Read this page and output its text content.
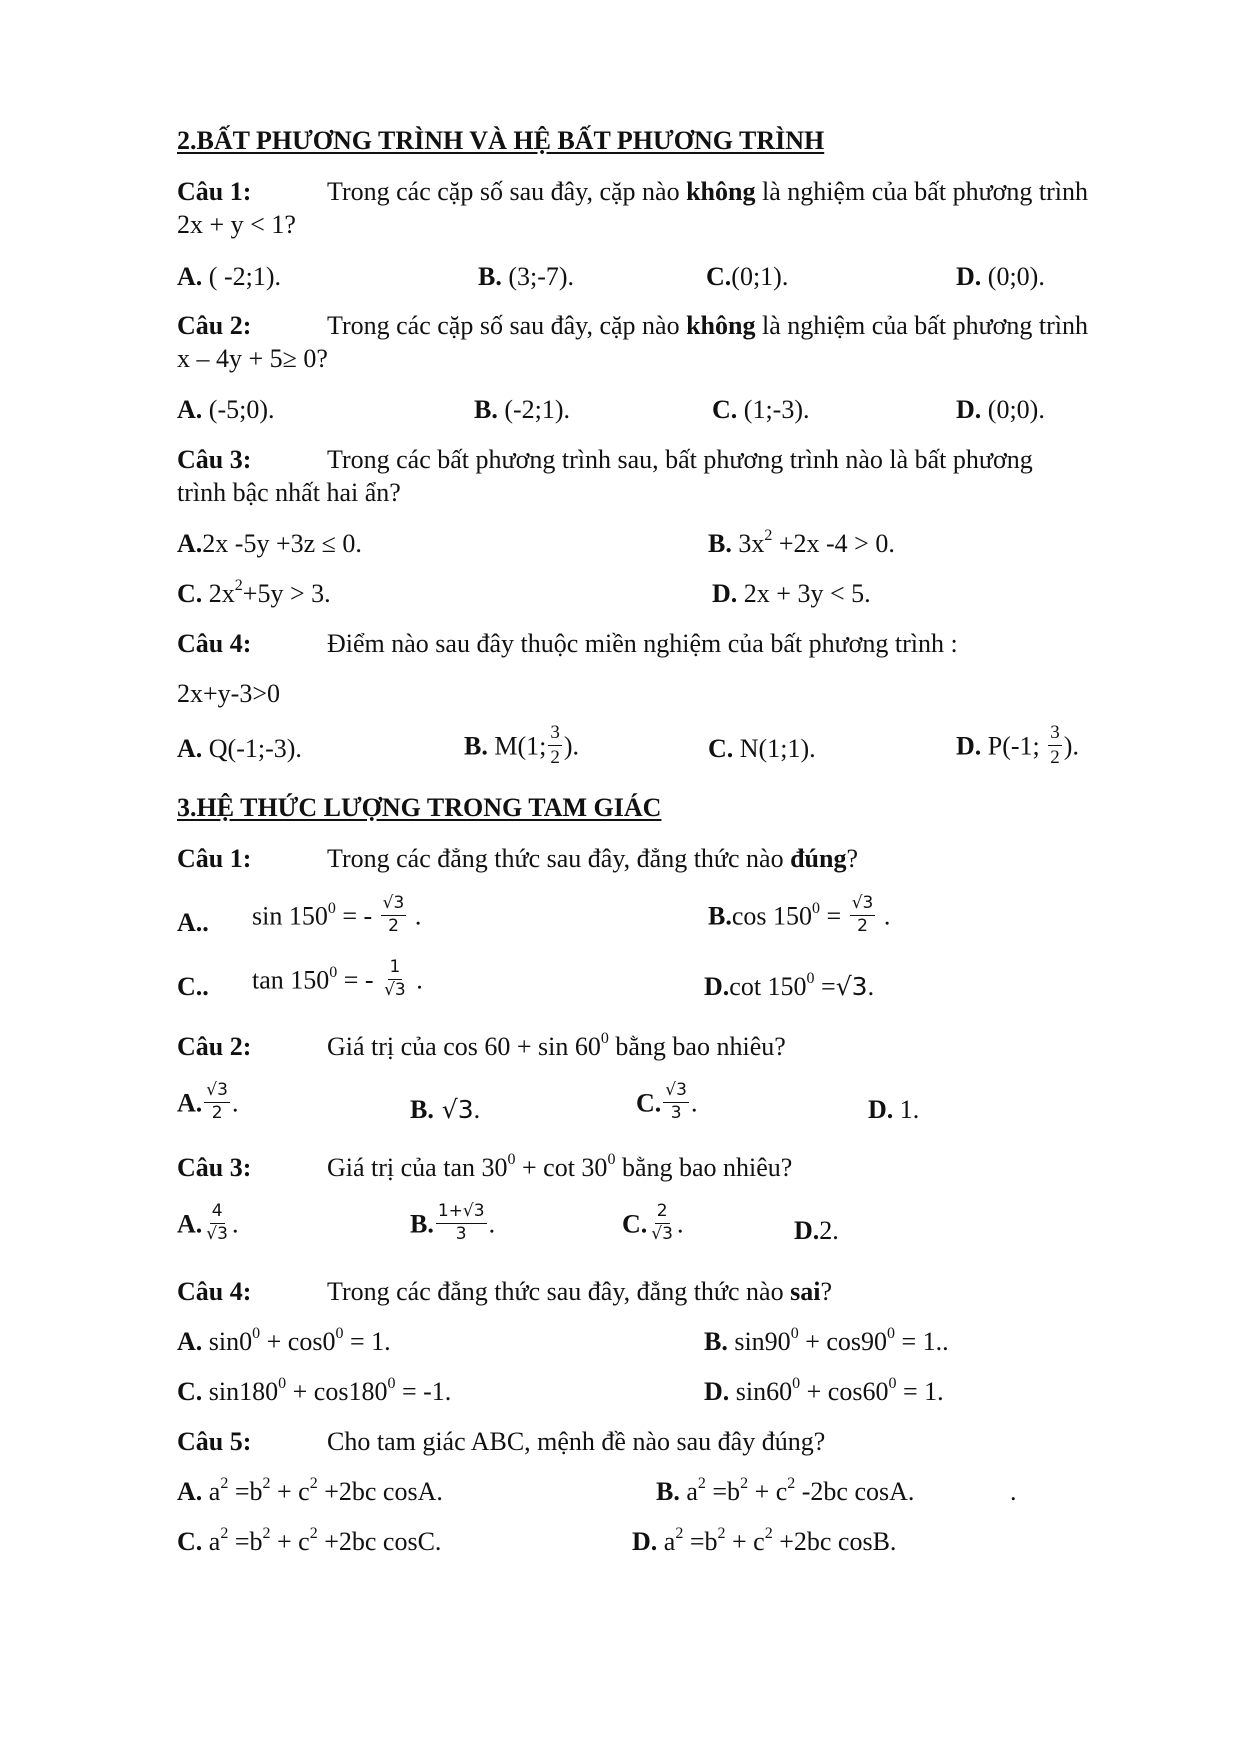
2.BẤT PHƯƠNG TRÌNH VÀ HỆ BẤT PHƯƠNG TRÌNH
Câu 1:	Trong các cặp số sau đây, cặp nào không là nghiệm của bất phương trình
2x + y < 1?
A. ( -2;1).	B. (3;-7).	C.(0;1).	D. (0;0).
Câu 2:	Trong các cặp số sau đây, cặp nào không là nghiệm của bất phương trình
x – 4y + 5≥ 0?
A. (-5;0).	B. (-2;1).	C. (1;-3).	D. (0;0).
Câu 3:	Trong các bất phương trình sau, bất phương trình nào là bất phương
trình bậc nhất hai ẩn?
A.2x -5y +3z ≤ 0.	B. $3x^2 +2x$ -4 > 0.
C. $2x^2+5y > 3$.	D. 2x + 3y < 5.
Câu 4:	Điểm nào sau đây thuộc miền nghiệm của bất phương trình :
2x+y-3>0
A. Q(-1;-3).	B. M(1; $\frac{3}{2}$ ).	C. N(1;1).	D. P(-1; $\frac{3}{2}$ ).
3.HỆ THỨC LƯỢNG TRONG TAM GIÁC
Câu 1:	Trong các đẳng thức sau đây, đẳng thức nào đúng?
A.. $\sin 150^0$ = - $\frac{√3}{2}$ .	B.cos $150^0 = \frac{√3}{2}$ .
C.. $\tan 150^0$ = - $\frac{1}{√3}$ .	D.cot $150^0 =√3$.
Câu 2:	Giá trị của $\cos 60 + \sin 60^0$ bằng bao nhiêu?
A. $\frac{√3}{2}$ .	B. √3.	C. $\frac{√3}{3}$ .	D. 1.
Câu 3:	Giá trị của $\tan 30^0 + \cot 30^0$ bằng bao nhiêu?
A. $\frac{4}{√3}$ .	B. $\frac{1+√3}{3}$ .	C. $\frac{2}{√3}$ .	D.2.
Câu 4:	Trong các đẳng thức sau đây, đẳng thức nào sai?
A. $\sin 0^0 + \cos 0^0 = 1$.	B. $\sin 90^0 + \cos 90^0 = 1$..
C. $\sin 180^0 + \cos 180^0 = -1$.	D. $\sin 60^0 + \cos 60^0 = 1$.
Câu 5:	Cho tam giác ABC, mệnh đề nào sau đây đúng?
A. $a^2 =b^2 + c^2 +2bc$ cosA.	B. $a^2 =b^2 + c^2$ -2bc cosA.	.
C. $a^2 =b^2 + c^2 +2bc$ cosC.	D. $a^2 =b^2 + c^2 +2bc$ cosB.
